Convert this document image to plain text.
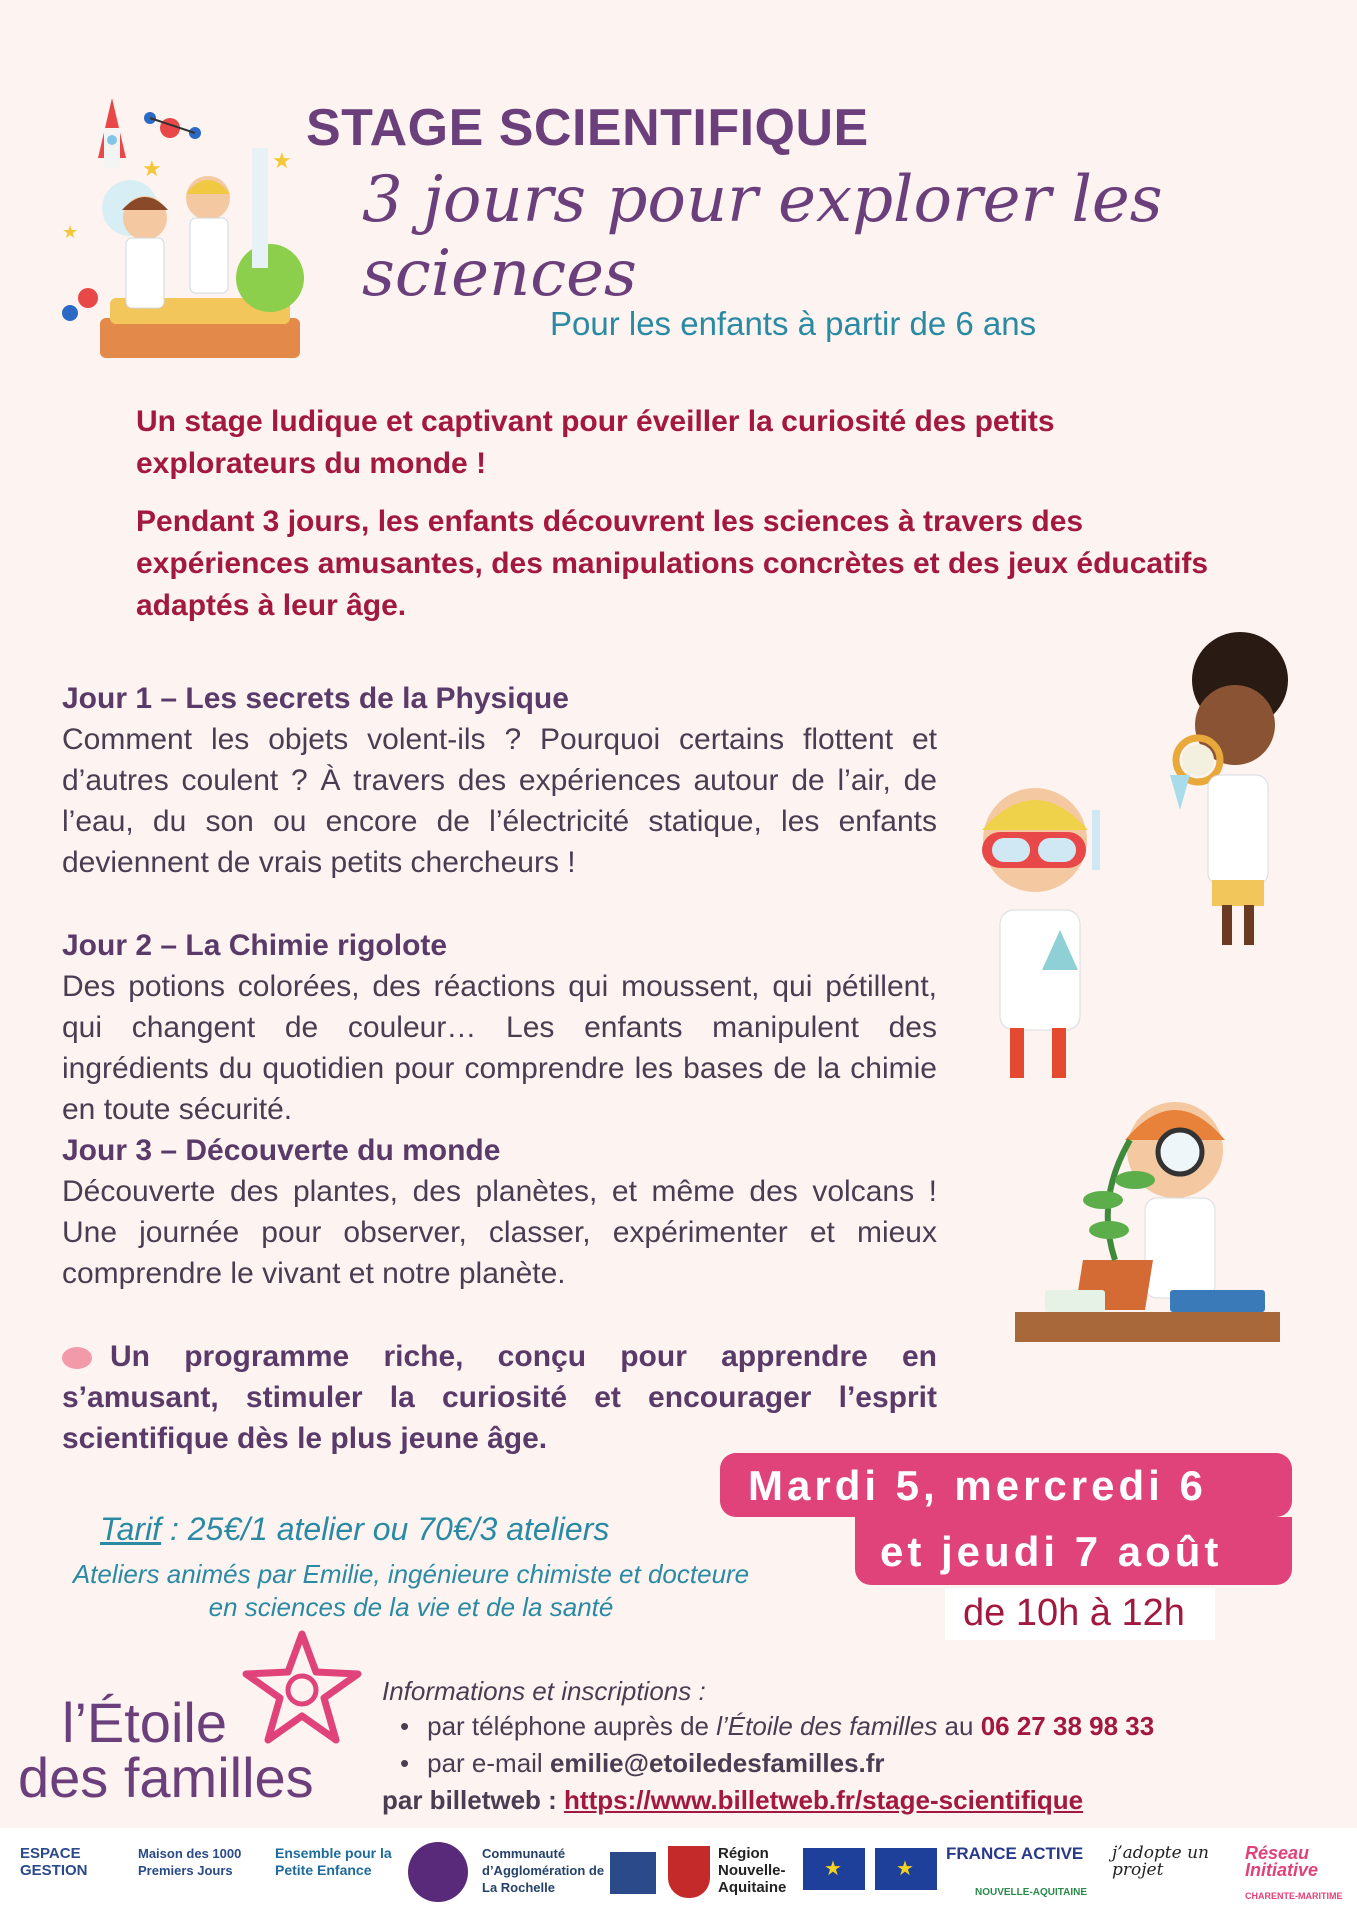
★	★
★
STAGE SCIENTIFIQUE
3 jours pour explorer les sciences
Pour les enfants à partir de 6 ans

Un stage ludique et captivant pour éveiller la curiosité des petits explorateurs du monde !

Pendant 3 jours, les enfants découvrent les sciences à travers des expériences amusantes, des manipulations concrètes et des jeux éducatifs adaptés à leur âge.

Jour 1 – Les secrets de la Physique

Comment les objets volent-ils ? Pourquoi certains flottent et d’autres coulent ? À travers des expériences autour de l’air, de l’eau, du son ou encore de l’électricité statique, les enfants deviennent de vrais petits chercheurs !

Jour 2 – La Chimie rigolote

Des potions colorées, des réactions qui moussent, qui pétillent, qui changent de couleur… Les enfants manipulent des ingrédients du quotidien pour comprendre les bases de la chimie en toute sécurité.

Jour 3 – Découverte du monde

Découverte des plantes, des planètes, et même des volcans ! Une journée pour observer, classer, expérimenter et mieux comprendre le vivant et notre planète.

Un programme riche, conçu pour apprendre en s’amusant, stimuler la curiosité et encourager l’esprit scientifique dès le plus jeune âge.

Tarif : 25€/1 atelier ou 70€/3 ateliers

Ateliers animés par Emilie, ingénieure chimiste et docteure en sciences de la vie et de la santé

Mardi 5, mercredi 6
et jeudi 7 août
de 10h à 12h
l’Étoile
des familles
Informations et inscriptions :
• par téléphone auprès de l’Étoile des familles au 06 27 38 98 33
• par e-mail emilie@etoiledesfamilles.fr
par billetweb : https://www.billetweb.fr/stage-scientifique
ESPACE GESTION
Maison des 1000 Premiers Jours
Ensemble pour la Petite Enfance
Communauté d’Agglomération de La Rochelle
Région Nouvelle-Aquitaine
★
★
FRANCE ACTIVE
NOUVELLE-AQUITAINE
j’adopte un projet
Réseau Initiative
CHARENTE-MARITIME
